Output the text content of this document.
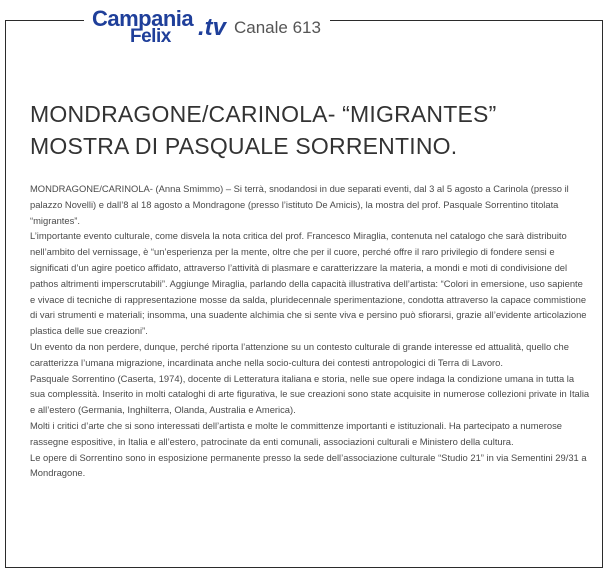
Campania
Felix .tv Canale 613
MONDRAGONE/CARINOLA- “MIGRANTES” MOSTRA DI PASQUALE SORRENTINO.

MONDRAGONE/CARINOLA- (Anna Smimmo) – Si terrà, snodandosi in due separati eventi, dal 3 al 5 agosto a Carinola (presso il palazzo Novelli) e dall’8 al 18 agosto a Mondragone (presso l’istituto De Amicis), la mostra del prof. Pasquale Sorrentino titolata “migrantes”.

L’importante evento culturale, come disvela la nota critica del prof. Francesco Miraglia, contenuta nel catalogo che sarà distribuito nell’ambito del vernissage, è “un’esperienza per la mente, oltre che per il cuore, perché offre il raro privilegio di fondere sensi e significati d’un agire poetico affidato, attraverso l’attività di plasmare e caratterizzare la materia, a mondi e moti di condivisione del pathos altrimenti imperscrutabili”. Aggiunge Miraglia, parlando della capacità illustrativa dell’artista: “Colori in emersione, uso sapiente e vivace di tecniche di rappresentazione mosse da salda, pluridecennale sperimentazione, condotta attraverso la capace commistione di vari strumenti e materiali; insomma, una suadente alchimia che si sente viva e persino può sfiorarsi, grazie all’evidente articolazione plastica delle sue creazioni”.

Un evento da non perdere, dunque, perché riporta l’attenzione su un contesto culturale di grande interesse ed attualità, quello che caratterizza l’umana migrazione, incardinata anche nella socio-cultura dei contesti antropologici di Terra di Lavoro.

Pasquale Sorrentino (Caserta, 1974), docente di Letteratura italiana e storia, nelle sue opere indaga la condizione umana in tutta la sua complessità. Inserito in molti cataloghi di arte figurativa, le sue creazioni sono state acquisite in numerose collezioni private in Italia e all’estero (Germania, Inghilterra, Olanda, Australia e America).

Molti i critici d’arte che si sono interessati dell’artista e molte le committenze importanti e istituzionali. Ha partecipato a numerose rassegne espositive, in Italia e all’estero, patrocinate da enti comunali, associazioni culturali e Ministero della cultura.

Le opere di Sorrentino sono in esposizione permanente presso la sede dell’associazione culturale “Studio 21” in via Sementini 29/31 a Mondragone.
